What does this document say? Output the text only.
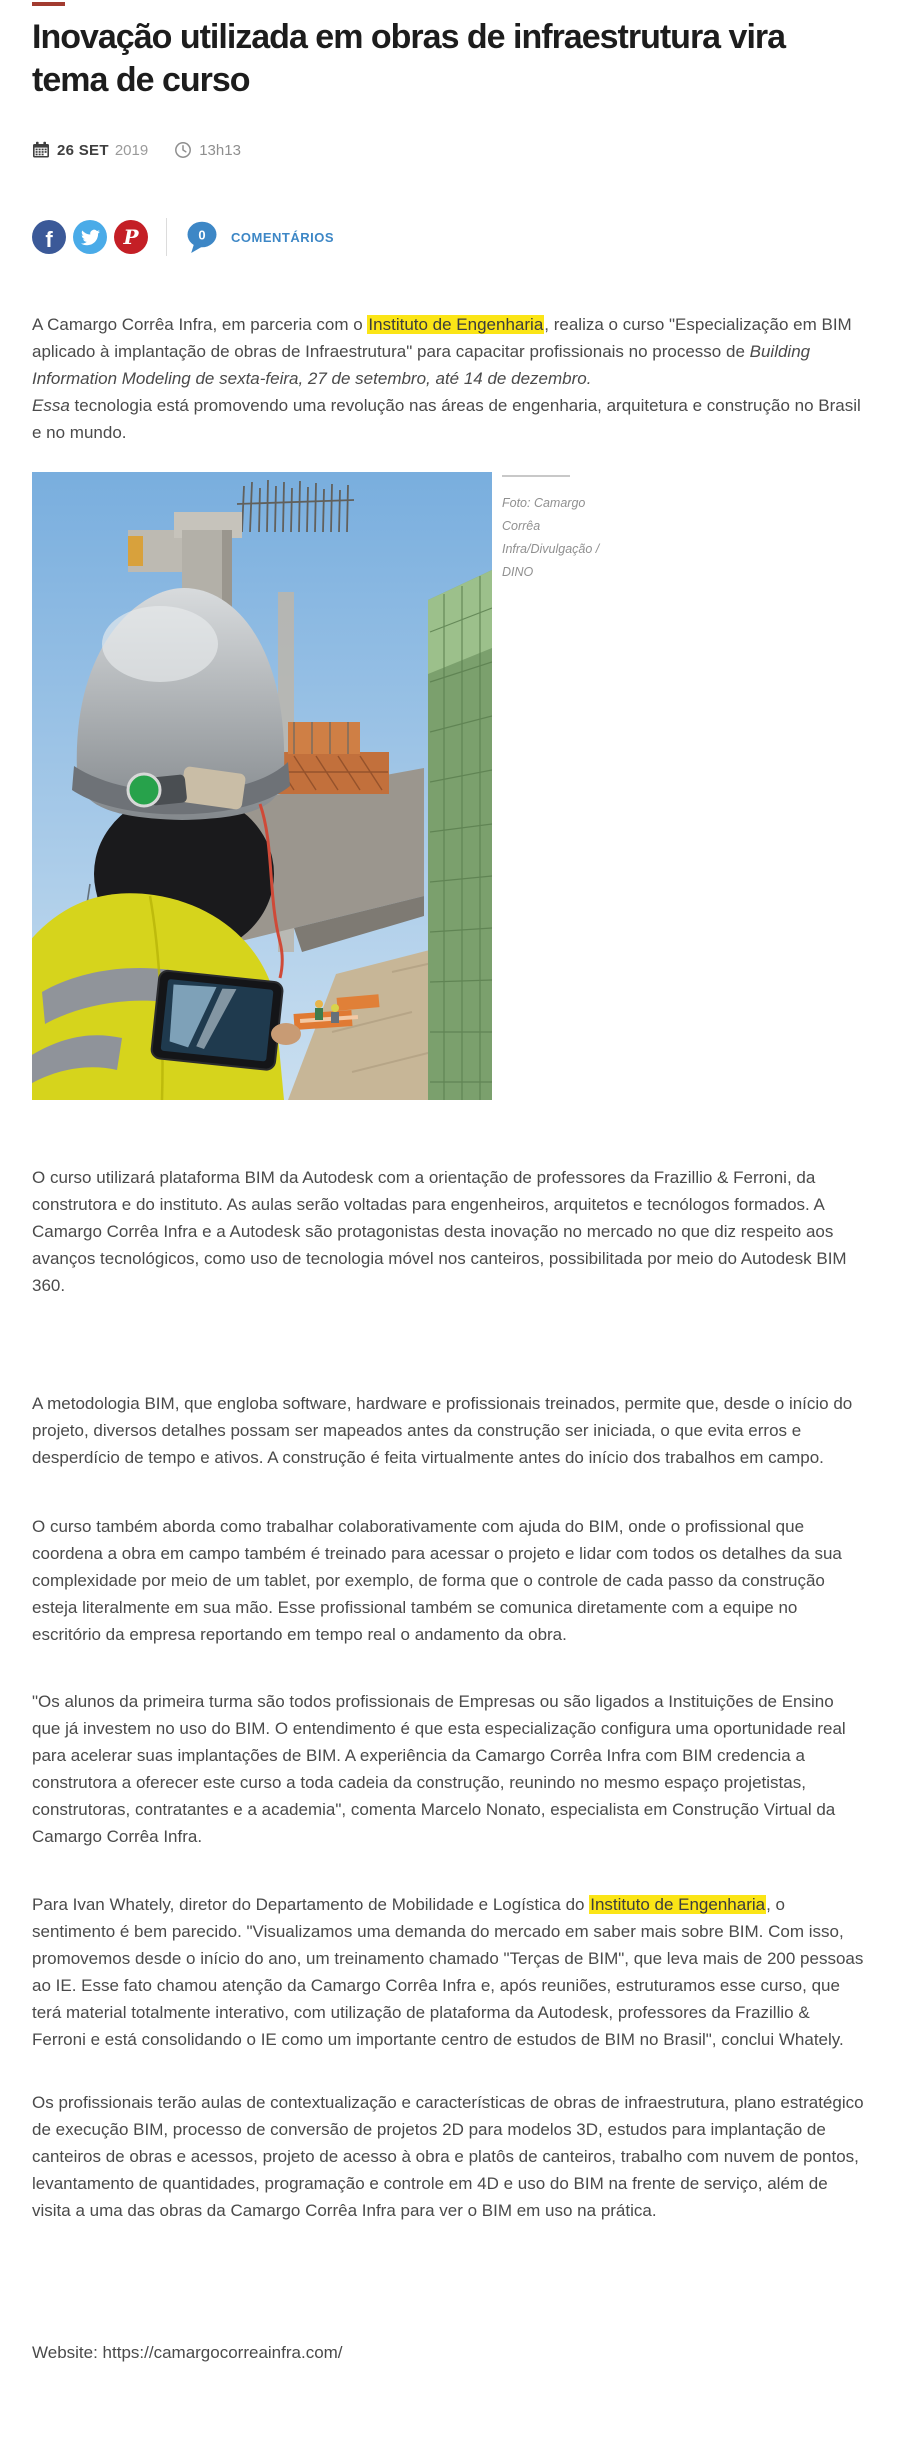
Inovação utilizada em obras de infraestrutura vira tema de curso
26 SET 2019	13h13
f	P	0 COMENTÁRIOS
A Camargo Corrêa Infra, em parceria com o Instituto de Engenharia, realiza o curso "Especialização em BIM aplicado à implantação de obras de Infraestrutura" para capacitar profissionais no processo de Building Information Modeling de sexta-feira, 27 de setembro, até 14 de dezembro.
Essa tecnologia está promovendo uma revolução nas áreas de engenharia, arquitetura e construção no Brasil e no mundo.
Foto: Camargo Corrêa Infra/Divulgação / DINO
O curso utilizará plataforma BIM da Autodesk com a orientação de professores da Frazillio & Ferroni, da construtora e do instituto. As aulas serão voltadas para engenheiros, arquitetos e tecnólogos formados. A Camargo Corrêa Infra e a Autodesk são protagonistas desta inovação no mercado no que diz respeito aos avanços tecnológicos, como uso de tecnologia móvel nos canteiros, possibilitada por meio do Autodesk BIM 360.
A metodologia BIM, que engloba software, hardware e profissionais treinados, permite que, desde o início do projeto, diversos detalhes possam ser mapeados antes da construção ser iniciada, o que evita erros e desperdício de tempo e ativos. A construção é feita virtualmente antes do início dos trabalhos em campo.
O curso também aborda como trabalhar colaborativamente com ajuda do BIM, onde o profissional que coordena a obra em campo também é treinado para acessar o projeto e lidar com todos os detalhes da sua complexidade por meio de um tablet, por exemplo, de forma que o controle de cada passo da construção esteja literalmente em sua mão. Esse profissional também se comunica diretamente com a equipe no escritório da empresa reportando em tempo real o andamento da obra.
"Os alunos da primeira turma são todos profissionais de Empresas ou são ligados a Instituições de Ensino que já investem no uso do BIM. O entendimento é que esta especialização configura uma oportunidade real para acelerar suas implantações de BIM. A experiência da Camargo Corrêa Infra com BIM credencia a construtora a oferecer este curso a toda cadeia da construção, reunindo no mesmo espaço projetistas, construtoras, contratantes e a academia", comenta Marcelo Nonato, especialista em Construção Virtual da Camargo Corrêa Infra.
Para Ivan Whately, diretor do Departamento de Mobilidade e Logística do Instituto de Engenharia, o sentimento é bem parecido. "Visualizamos uma demanda do mercado em saber mais sobre BIM. Com isso, promovemos desde o início do ano, um treinamento chamado "Terças de BIM", que leva mais de 200 pessoas ao IE. Esse fato chamou atenção da Camargo Corrêa Infra e, após reuniões, estruturamos esse curso, que terá material totalmente interativo, com utilização de plataforma da Autodesk, professores da Frazillio & Ferroni e está consolidando o IE como um importante centro de estudos de BIM no Brasil", conclui Whately.
Os profissionais terão aulas de contextualização e características de obras de infraestrutura, plano estratégico de execução BIM, processo de conversão de projetos 2D para modelos 3D, estudos para implantação de canteiros de obras e acessos, projeto de acesso à obra e platôs de canteiros, trabalho com nuvem de pontos, levantamento de quantidades, programação e controle em 4D e uso do BIM na frente de serviço, além de visita a uma das obras da Camargo Corrêa Infra para ver o BIM em uso na prática.
Website: https://camargocorreainfra.com/
